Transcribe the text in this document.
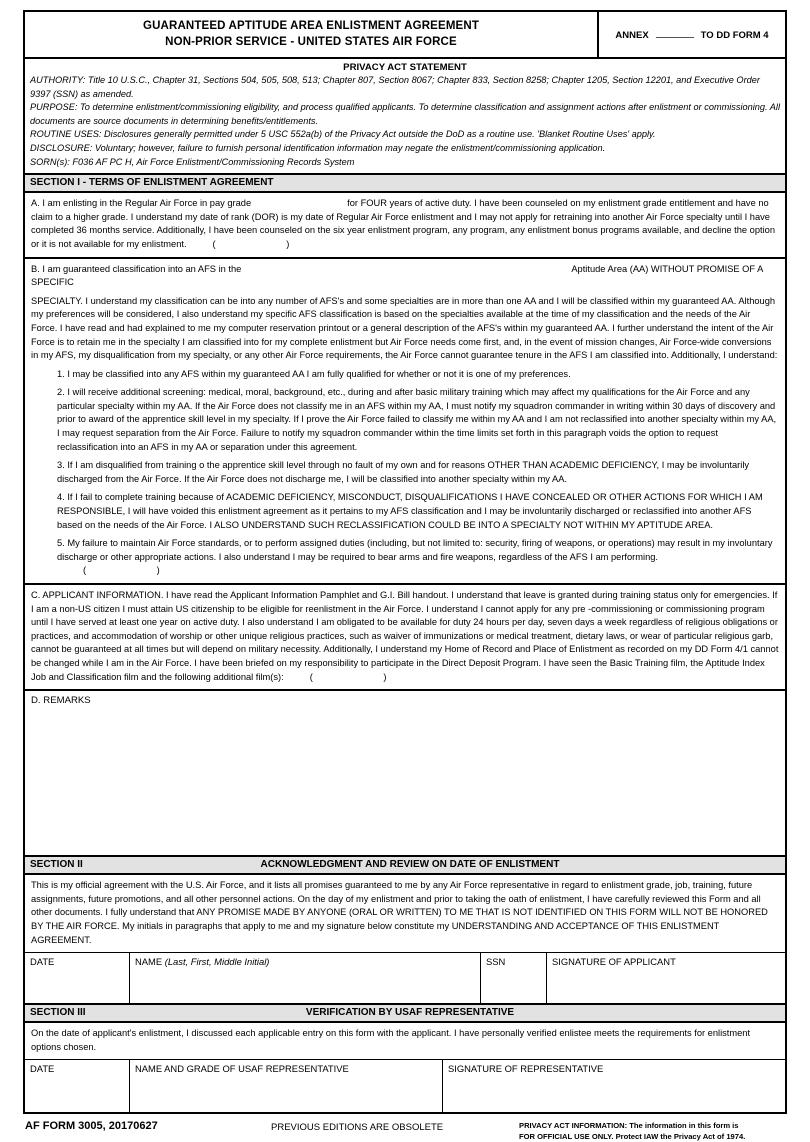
GUARANTEED APTITUDE AREA ENLISTMENT AGREEMENT
NON-PRIOR SERVICE - UNITED STATES AIR FORCE
ANNEX	TO DD FORM 4
PRIVACY ACT STATEMENT

AUTHORITY: Title 10 U.S.C., Chapter 31, Sections 504, 505, 508, 513; Chapter 807, Section 8067; Chapter 833, Section 8258; Chapter 1205, Section 12201, and Executive Order 9397 (SSN) as amended.

PURPOSE: To determine enlistment/commissioning eligibility, and process qualified applicants. To determine classification and assignment actions after enlistment or commissioning. All documents are source documents in determining benefits/entitlements.

ROUTINE USES: Disclosures generally permitted under 5 USC 552a(b) of the Privacy Act outside the DoD as a routine use. 'Blanket Routine Uses' apply.

DISCLOSURE: Voluntary; however, failure to furnish personal identification information may negate the enlistment/commissioning application.

SORN(s): F036 AF PC H, Air Force Enlistment/Commissioning Records System

SECTION I - TERMS OF ENLISTMENT AGREEMENT

A. I am enlisting in the Regular Air Force in pay grade	for FOUR years of active duty. I have been counseled on my enlistment grade entitlement and have no claim to a higher grade. I understand my date of rank (DOR) is my date of Regular Air Force enlistment and I may not apply for retraining into another Air Force specialty until I have completed 36 months service. Additionally, I have been counseled on the six year enlistment program, any program, any enlistment bonus programs available, and decline the option or it is not available for my enlistment.	( )

B. I am guaranteed classification into an AFS in the	Aptitude Area (AA) WITHOUT PROMISE OF A SPECIFIC

SPECIALTY. I understand my classification can be into any number of AFS's and some specialties are in more than one AA and I will be classified within my guaranteed AA. Although my preferences will be considered, I also understand my specific AFS classification is based on the specialties available at the time of my classification and the needs of the Air Force. I have read and had explained to me my computer reservation printout or a general description of the AFS's within my guaranteed AA. I further understand the intent of the Air Force is to retain me in the specialty I am classified into for my complete enlistment but Air Force needs come first, and, in the event of mission changes, Air Force-wide conversions in my AFS, my disqualification from my specialty, or any other Air Force requirements, the Air Force cannot guarantee tenure in the AFS I am classified into. Additionally, I understand:

1. I may be classified into any AFS within my guaranteed AA I am fully qualified for whether or not it is one of my preferences.

2. I will receive additional screening: medical, moral, background, etc., during and after basic military training which may affect my qualifications for the Air Force and any particular specialty within my AA. If the Air Force does not classify me in an AFS within my AA, I must notify my squadron commander in writing within 30 days of discovery and prior to award of the apprentice skill level in my specialty. If I prove the Air Force failed to classify me within my AA and I am not reclassified into another specialty within my AA, I may request separation from the Air Force. Failure to notify my squadron commander within the time limits set forth in this paragraph voids the option to request reclassification into an AFS in my AA or separation under this agreement.

3. If I am disqualified from training o the apprentice skill level through no fault of my own and for reasons OTHER THAN ACADEMIC DEFICIENCY, I may be involuntarily discharged from the Air Force. If the Air Force does not discharge me, I will be classified into another specialty within my AA.

4. If I fail to complete training because of ACADEMIC DEFICIENCY, MISCONDUCT, DISQUALIFICATIONS I HAVE CONCEALED OR OTHER ACTIONS FOR WHICH I AM RESPONSIBLE, I will have voided this enlistment agreement as it pertains to my AFS classification and I may be involuntarily discharged or reclassified into another AFS based on the needs of the Air Force. I ALSO UNDERSTAND SUCH RECLASSIFICATION COULD BE INTO A SPECIALTY NOT WITHIN MY APTITUDE AREA.

5. My failure to maintain Air Force standards, or to perform assigned duties (including, but not limited to: security, firing of weapons, or operations) may result in my involuntary discharge or other appropriate actions. I also understand I may be required to bear arms and fire weapons, regardless of the AFS I am performing.( )

C. APPLICANT INFORMATION. I have read the Applicant Information Pamphlet and G.I. Bill handout. I understand that leave is granted during training status only for emergencies. If I am a non-US citizen I must attain US citizenship to be eligible for reenlistment in the Air Force. I understand I cannot apply for any pre -commissioning or commissioning program until I have served at least one year on active duty. I also understand I am obligated to be available for duty 24 hours per day, seven days a week regardless of religious obligations or practices, and accommodation of worship or other unique religious practices, such as waiver of immunizations or medical treatment, dietary laws, or wear of particular religious garb, cannot be guaranteed at all times but will depend on military necessity. Additionally, I understand my Home of Record and Place of Enlistment as recorded on my DD Form 4/1 cannot be changed while I am in the Air Force. I have been briefed on my responsibility to participate in the Direct Deposit Program. I have seen the Basic Training film, the Aptitude Index Job and Classification film and the following additional film(s):	( )

D. REMARKS
SECTION II	ACKNOWLEDGMENT AND REVIEW ON DATE OF ENLISTMENT

This is my official agreement with the U.S. Air Force, and it lists all promises guaranteed to me by any Air Force representative in regard to enlistment grade, job, training, future assignments, future promotions, and all other personnel actions. On the day of my enlistment and prior to taking the oath of enlistment, I have carefully reviewed this Form and all other documents. I fully understand that ANY PROMISE MADE BY ANYONE (ORAL OR WRITTEN) TO ME THAT IS NOT IDENTIFIED ON THIS FORM WILL NOT BE HONORED BY THE AIR FORCE. My initials in paragraphs that apply to me and my signature below constitute my UNDERSTANDING AND ACCEPTANCE OF THIS ENLISTMENT AGREEMENT.

DATE	NAME (Last, First, Middle Initial)	SSN	SIGNATURE OF APPLICANT
SECTION III	VERIFICATION BY USAF REPRESENTATIVE

On the date of applicant's enlistment, I discussed each applicable entry on this form with the applicant. I have personally verified enlistee meets the requirements for enlistment options chosen.

DATE	NAME AND GRADE OF USAF REPRESENTATIVE	SIGNATURE OF REPRESENTATIVE
AF FORM 3005, 20170627	PREVIOUS EDITIONS ARE OBSOLETE	PRIVACY ACT INFORMATION: The information in this form is
FOR OFFICIAL USE ONLY. Protect IAW the Privacy Act of 1974.
